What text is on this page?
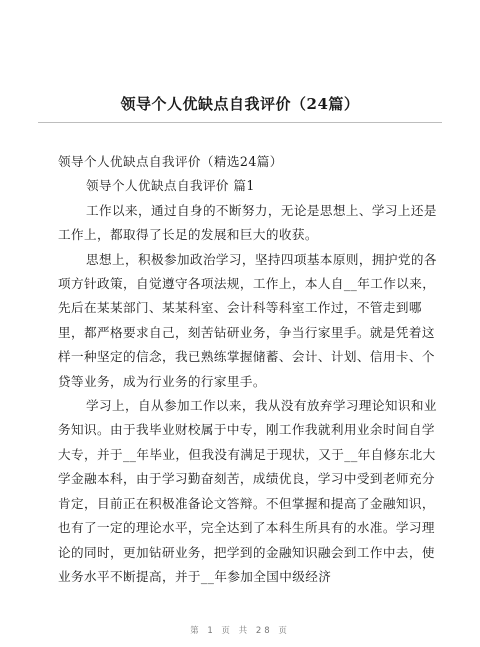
领导个人优缺点自我评价（24篇）

领导个人优缺点自我评价（精选24篇）

领导个人优缺点自我评价 篇1

工作以来，通过自身的不断努力，无论是思想上、学习上还是工作上，都取得了长足的发展和巨大的收获。

思想上，积极参加政治学习，坚持四项基本原则，拥护党的各项方针政策，自觉遵守各项法规，工作上，本人自__年工作以来，先后在某某部门、某某科室、会计科等科室工作过，不管走到哪里，都严格要求自己，刻苦钻研业务，争当行家里手。就是凭着这样一种坚定的信念，我已熟练掌握储蓄、会计、计划、信用卡、个贷等业务，成为行业务的行家里手。

学习上，自从参加工作以来，我从没有放弃学习理论知识和业务知识。由于我毕业财校属于中专，刚工作我就利用业余时间自学大专，并于__年毕业，但我没有满足于现状，又于__年自修东北大学金融本科，由于学习勤奋刻苦，成绩优良，学习中受到老师充分肯定，目前正在积极准备论文答辩。不但掌握和提高了金融知识，也有了一定的理论水平，完全达到了本科生所具有的水准。学习理论的同时，更加钻研业务，把学到的金融知识融会到工作中去，使业务水平不断提高，并于__年参加全国中级经济

第 1 页 共 28 页
